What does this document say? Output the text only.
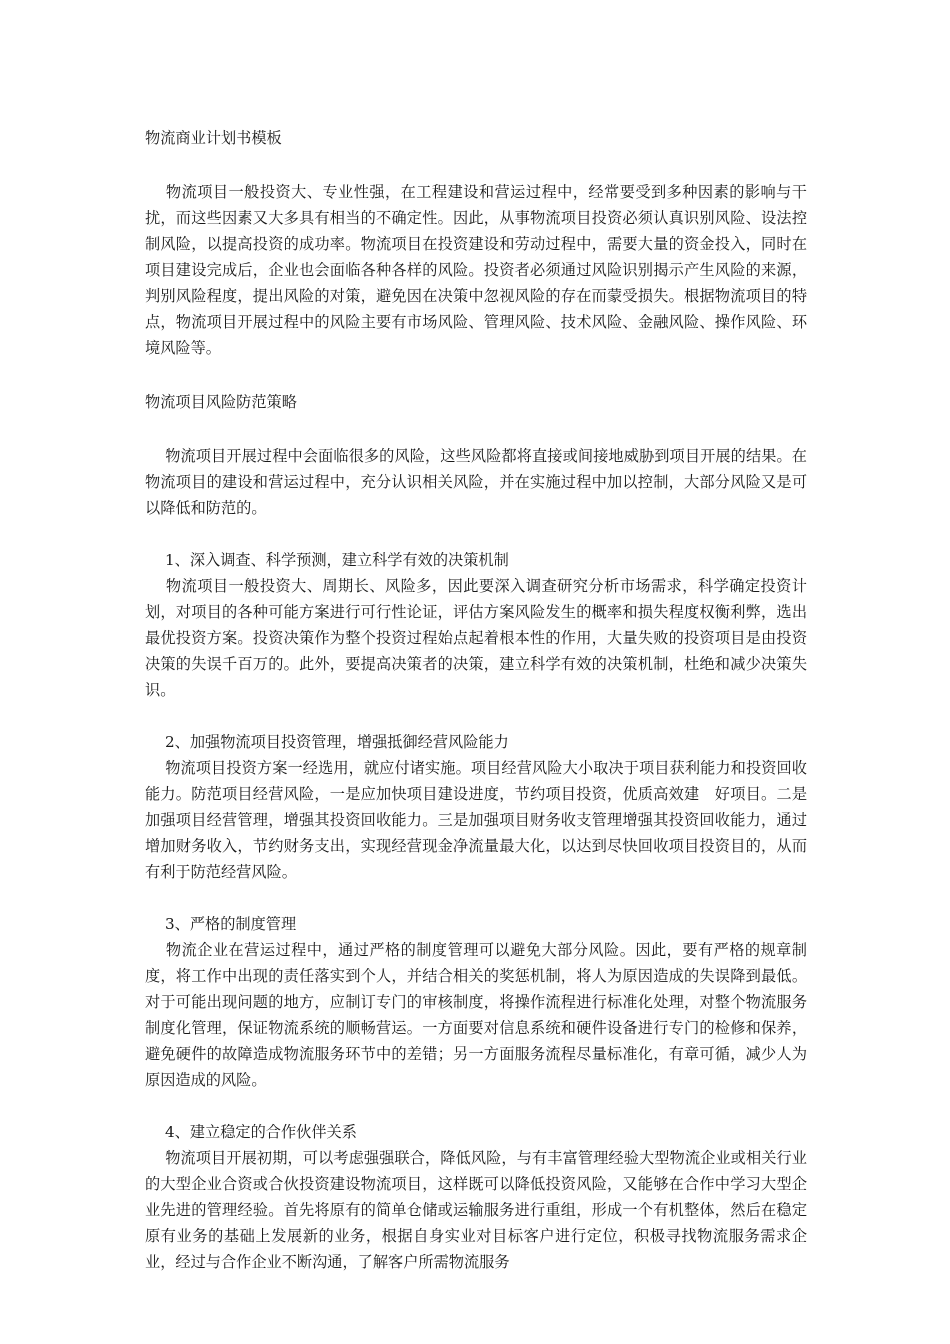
物流商业计划书模板

　 物流项目一般投资大、专业性强，在工程建设和营运过程中，经常要受到多种因素的影响与干扰，而这些因素又大多具有相当的不确定性。因此，从事物流项目投资必须认真识别风险、设法控制风险，以提高投资的成功率。物流项目在投资建设和劳动过程中，需要大量的资金投入，同时在项目建设完成后，企业也会面临各种各样的风险。投资者必须通过风险识别揭示产生风险的来源，判别风险程度，提出风险的对策，避免因在决策中忽视风险的存在而蒙受损失。根据物流项目的特点，物流项目开展过程中的风险主要有市场风险、管理风险、技术风险、金融风险、操作风险、环境风险等。

物流项目风险防范策略

　 物流项目开展过程中会面临很多的风险，这些风险都将直接或间接地威胁到项目开展的结果。在物流项目的建设和营运过程中，充分认识相关风险，并在实施过程中加以控制，大部分风险又是可以降低和防范的。

　 1、深入调查、科学预测，建立科学有效的决策机制

　 物流项目一般投资大、周期长、风险多，因此要深入调查研究分析市场需求，科学确定投资计划，对项目的各种可能方案进行可行性论证，评估方案风险发生的概率和损失程度权衡利弊，选出最优投资方案。投资决策作为整个投资过程始点起着根本性的作用，大量失败的投资项目是由投资决策的失误千百万的。此外，要提高决策者的决策，建立科学有效的决策机制，杜绝和减少决策失识。

　 2、加强物流项目投资管理，增强抵御经营风险能力

　 物流项目投资方案一经选用，就应付诸实施。项目经营风险大小取决于项目获利能力和投资回收能力。防范项目经营风险，一是应加快项目建设进度，节约项目投资，优质高效建　好项目。二是加强项目经营管理，增强其投资回收能力。三是加强项目财务收支管理增强其投资回收能力，通过增加财务收入，节约财务支出，实现经营现金净流量最大化，以达到尽快回收项目投资目的，从而有利于防范经营风险。

　 3、严格的制度管理

　 物流企业在营运过程中，通过严格的制度管理可以避免大部分风险。因此，要有严格的规章制度，将工作中出现的责任落实到个人，并结合相关的奖惩机制，将人为原因造成的失误降到最低。对于可能出现问题的地方，应制订专门的审核制度，将操作流程进行标准化处理，对整个物流服务制度化管理，保证物流系统的顺畅营运。一方面要对信息系统和硬件设备进行专门的检修和保养，避免硬件的故障造成物流服务环节中的差错；另一方面服务流程尽量标准化，有章可循，减少人为原因造成的风险。

　 4、建立稳定的合作伙伴关系

　 物流项目开展初期，可以考虑强强联合，降低风险，与有丰富管理经验大型物流企业或相关行业的大型企业合资或合伙投资建设物流项目，这样既可以降低投资风险，又能够在合作中学习大型企业先进的管理经验。首先将原有的简单仓储或运输服务进行重组，形成一个有机整体，然后在稳定原有业务的基础上发展新的业务，根据自身实业对目标客户进行定位，积极寻找物流服务需求企业，经过与合作企业不断沟通，了解客户所需物流服务
